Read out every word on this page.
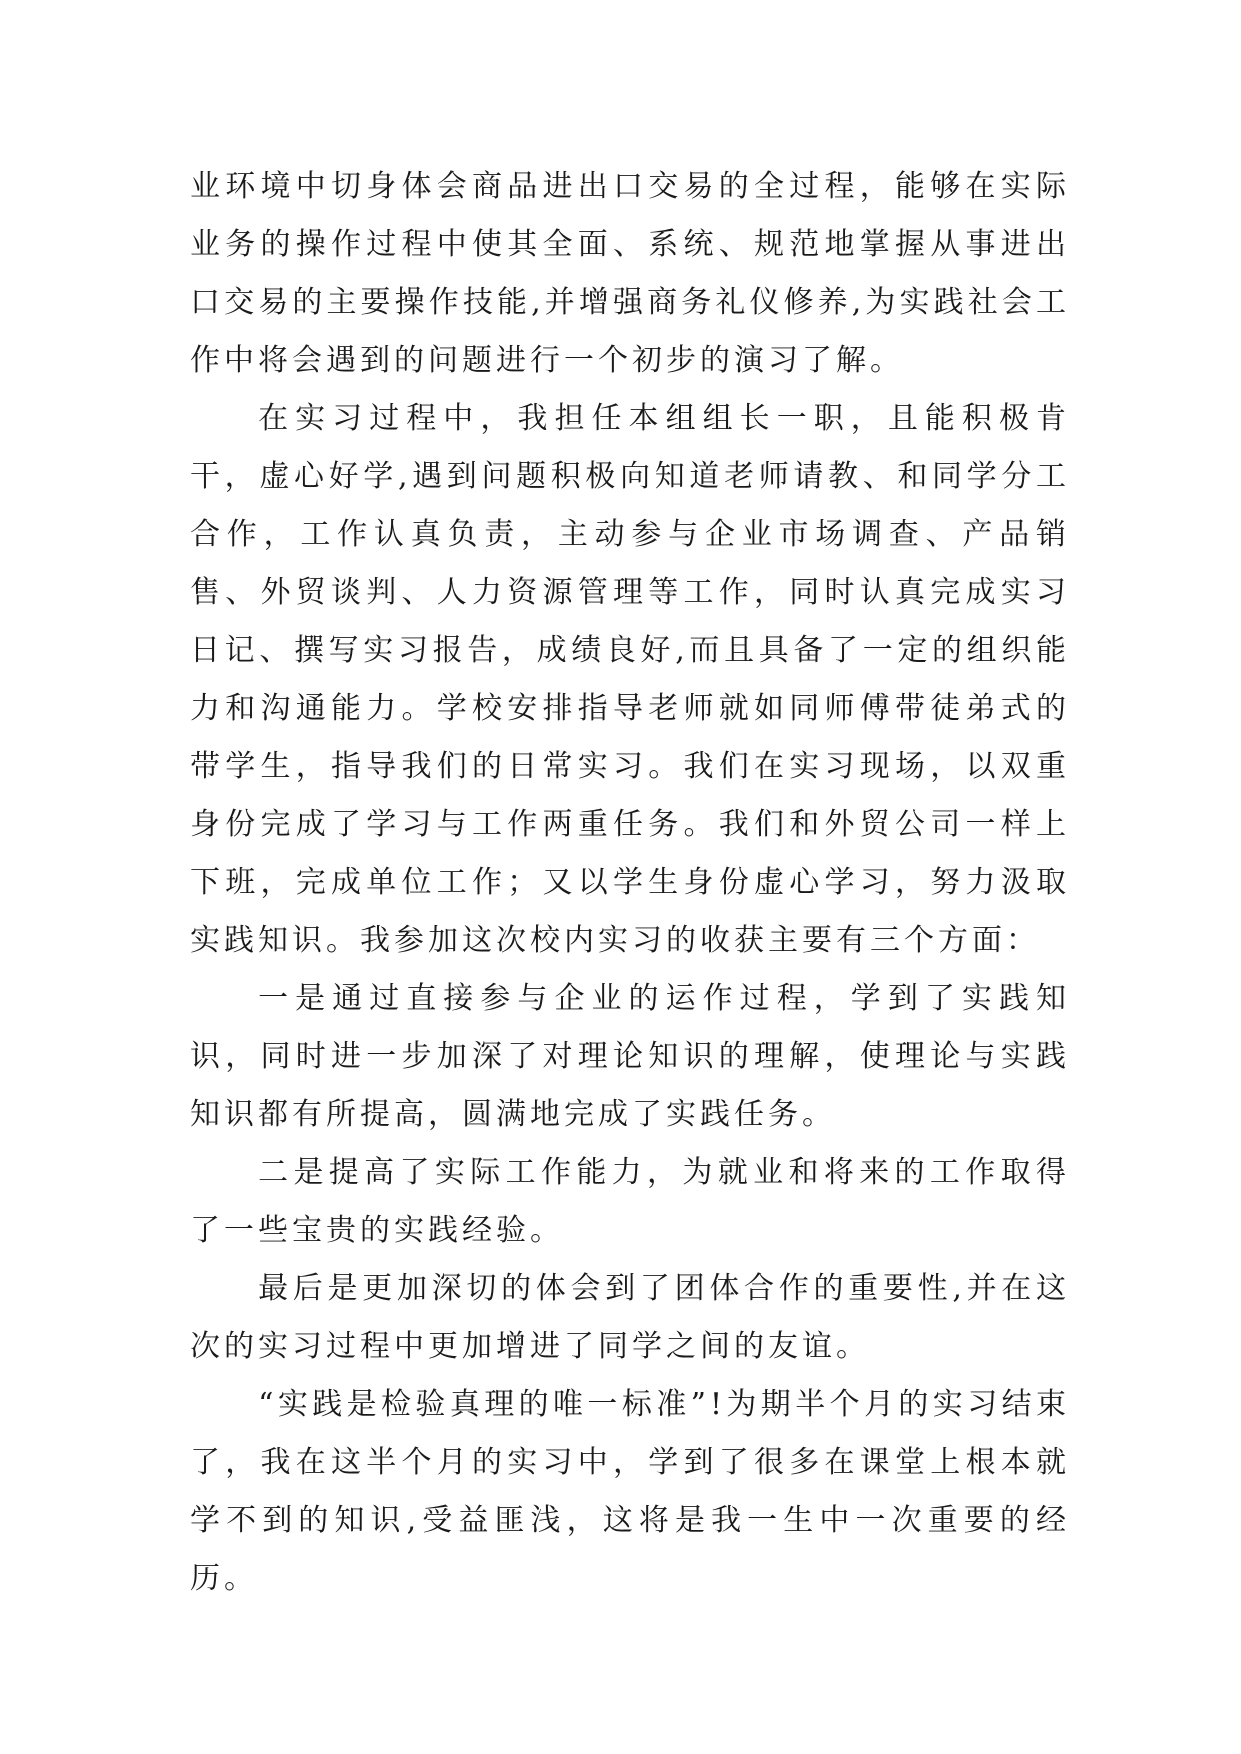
业环境中切身体会商品进出口交易的全过程，能够在实际业务的操作过程中使其全面、系统、规范地掌握从事进出口交易的主要操作技能,并增强商务礼仪修养,为实践社会工作中将会遇到的问题进行一个初步的演习了解。

在实习过程中，我担任本组组长一职，且能积极肯干，虚心好学,遇到问题积极向知道老师请教、和同学分工合作，工作认真负责，主动参与企业市场调查、产品销售、外贸谈判、人力资源管理等工作，同时认真完成实习日记、撰写实习报告，成绩良好,而且具备了一定的组织能力和沟通能力。学校安排指导老师就如同师傅带徒弟式的带学生，指导我们的日常实习。我们在实习现场，以双重身份完成了学习与工作两重任务。我们和外贸公司一样上下班，完成单位工作；又以学生身份虚心学习，努力汲取实践知识。我参加这次校内实习的收获主要有三个方面：

一是通过直接参与企业的运作过程，学到了实践知识，同时进一步加深了对理论知识的理解，使理论与实践知识都有所提高，圆满地完成了实践任务。

二是提高了实际工作能力，为就业和将来的工作取得了一些宝贵的实践经验。

最后是更加深切的体会到了团体合作的重要性,并在这次的实习过程中更加增进了同学之间的友谊。

“实践是检验真理的唯一标准”!为期半个月的实习结束了，我在这半个月的实习中，学到了很多在课堂上根本就学不到的知识,受益匪浅，这将是我一生中一次重要的经历。
